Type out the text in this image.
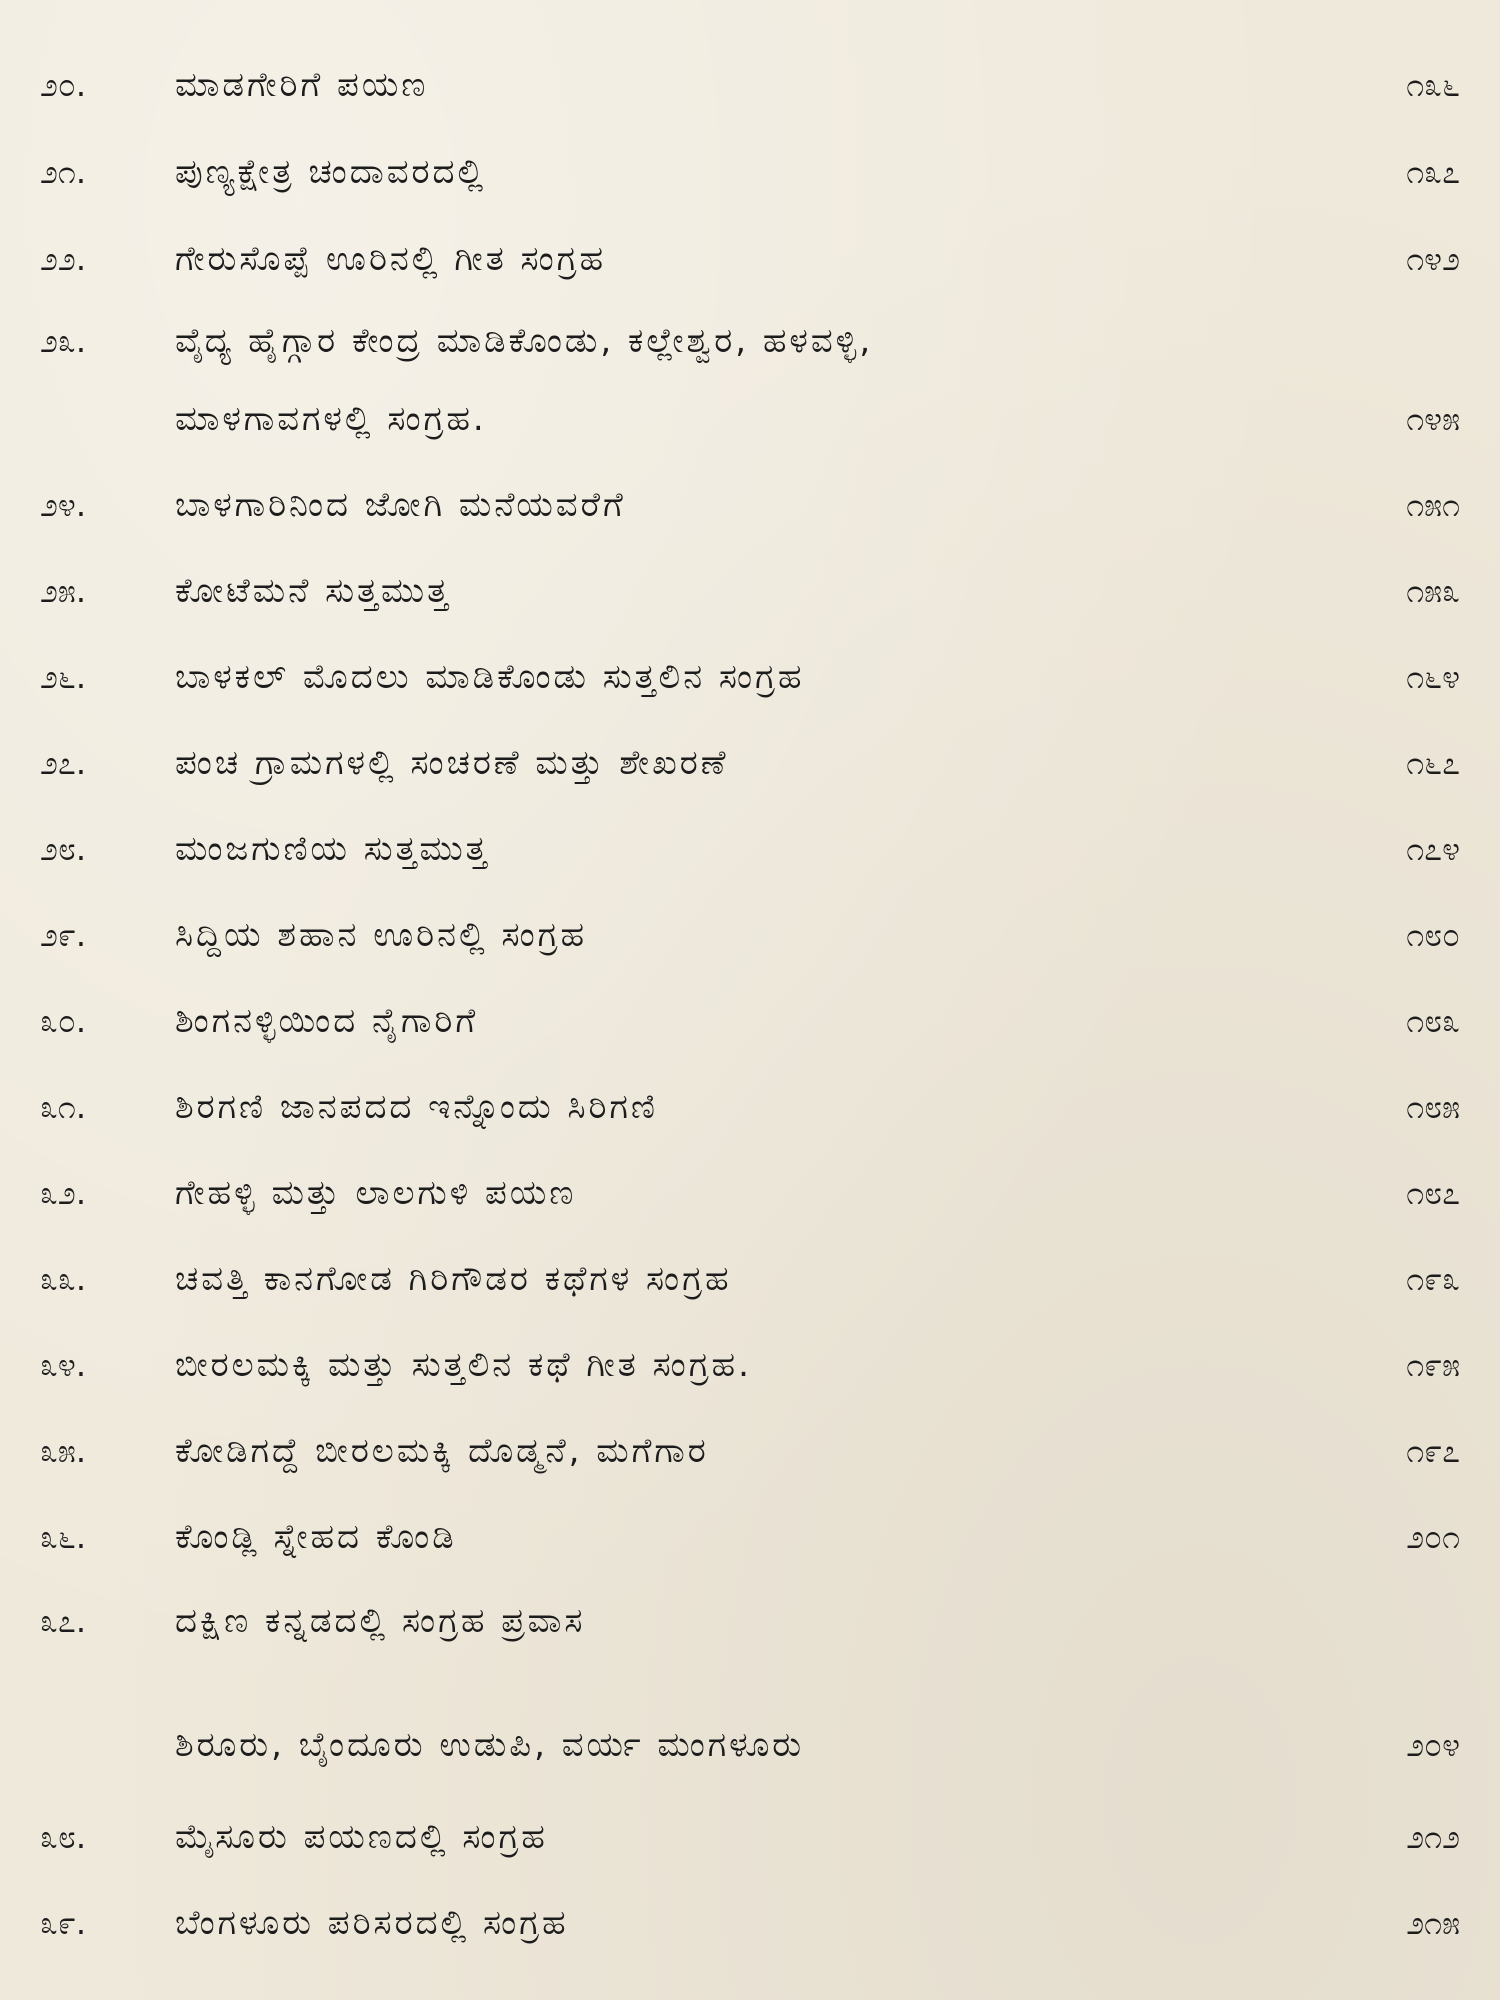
೨೦.	ಮಾಡಗೇರಿಗೆ ಪಯಣ	೧೩೬
೨೧.	ಪುಣ್ಯಕ್ಷೇತ್ರ ಚಂದಾವರದಲ್ಲಿ	೧೩೭
೨೨.	ಗೇರುಸೊಪ್ಪೆ ಊರಿನಲ್ಲಿ ಗೀತ ಸಂಗ್ರಹ	೧೪೨
೨೩.	ವೈದ್ಯ ಹೈಗ್ಗಾರ ಕೇಂದ್ರ ಮಾಡಿಕೊಂಡು, ಕಲ್ಲೇಶ್ವರ, ಹಳವಳ್ಳಿ,
ಮಾಳಗಾವಗಳಲ್ಲಿ ಸಂಗ್ರಹ.	೧೪೫
೨೪.	ಬಾಳಗಾರಿನಿಂದ ಜೋಗಿ ಮನೆಯವರೆಗೆ	೧೫೧
೨೫.	ಕೋಟೆಮನೆ ಸುತ್ತಮುತ್ತ	೧೫೩
೨೬.	ಬಾಳಕಲ್ ಮೊದಲು ಮಾಡಿಕೊಂಡು ಸುತ್ತಲಿನ ಸಂಗ್ರಹ	೧೬೪
೨೭.	ಪಂಚ ಗ್ರಾಮಗಳಲ್ಲಿ ಸಂಚರಣೆ ಮತ್ತು ಶೇಖರಣೆ	೧೬೭
೨೮.	ಮಂಜಗುಣಿಯ ಸುತ್ತಮುತ್ತ	೧೭೪
೨೯.	ಸಿದ್ದಿಯ ಶಹಾನ ಊರಿನಲ್ಲಿ ಸಂಗ್ರಹ	೧೮೦
೩೦.	ಶಿಂಗನಳ್ಳಿಯಿಂದ ನೈಗಾರಿಗೆ	೧೮೩
೩೧.	ಶಿರಗಣಿ ಜಾನಪದದ ಇನ್ನೊಂದು ಸಿರಿಗಣಿ	೧೮೫
೩೨.	ಗೇಹಳ್ಳಿ ಮತ್ತು ಲಾಲಗುಳಿ ಪಯಣ	೧೮೭
೩೩.	ಚವತ್ತಿ ಕಾನಗೋಡ ಗಿರಿಗೌಡರ ಕಥೆಗಳ ಸಂಗ್ರಹ	೧೯೩
೩೪.	ಬೀರಲಮಕ್ಕಿ ಮತ್ತು ಸುತ್ತಲಿನ ಕಥೆ ಗೀತ ಸಂಗ್ರಹ.	೧೯೫
೩೫.	ಕೋಡಿಗದ್ದೆ ಬೀರಲಮಕ್ಕಿ ದೊಡ್ಮನೆ, ಮಗೆಗಾರ	೧೯೭
೩೬.	ಕೊಂಡ್ಲಿ ಸ್ನೇಹದ ಕೊಂಡಿ	೨೦೧
೩೭.	ದಕ್ಷಿಣ ಕನ್ನಡದಲ್ಲಿ ಸಂಗ್ರಹ ಪ್ರವಾಸ
ಶಿರೂರು, ಬೈಂದೂರು ಉಡುಪಿ, ವರ್ಯ ಮಂಗಳೂರು	೨೦೪
೩೮.	ಮೈಸೂರು ಪಯಣದಲ್ಲಿ ಸಂಗ್ರಹ	೨೧೨
೩೯.	ಬೆಂಗಳೂರು ಪರಿಸರದಲ್ಲಿ ಸಂಗ್ರಹ	೨೧೫
